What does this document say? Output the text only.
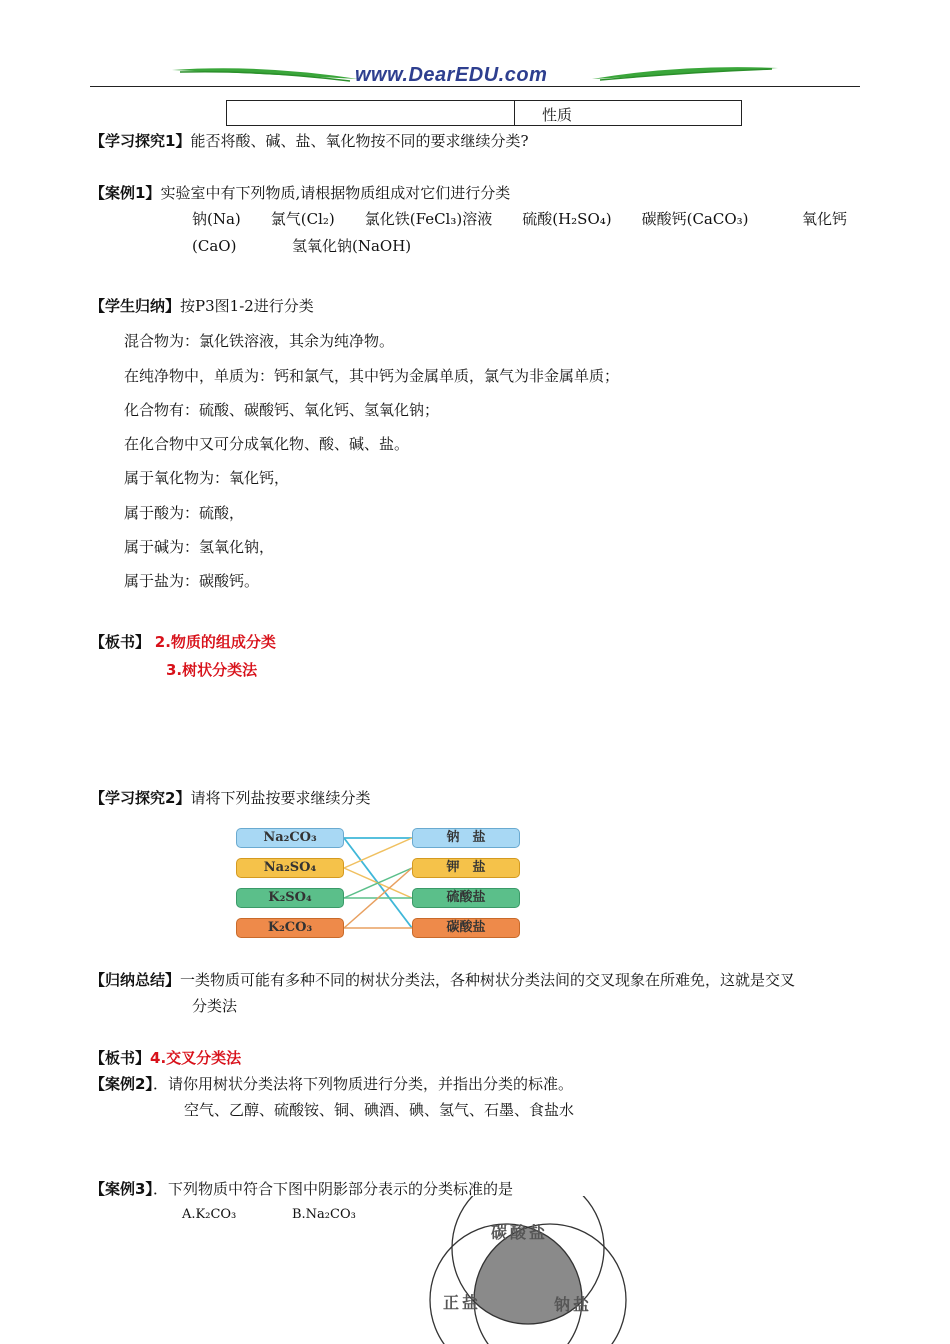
www.DearEDU.com
性质
【学习探究1】能否将酸、碱、盐、氧化物按不同的要求继续分类?
【案例1】实验室中有下列物质,请根据物质组成对它们进行分类
钠(Na)　　氯气(Cl₂)　　氯化铁(FeCl₃)溶液　　硫酸(H₂SO₄)　　碳酸钙(CaCO₃)	氧化钙
(CaO)	氢氧化钠(NaOH)
【学生归纳】按P3图1-2进行分类
混合物为：氯化铁溶液，其余为纯净物。
在纯净物中，单质为：钙和氯气，其中钙为金属单质，氯气为非金属单质；
化合物有：硫酸、碳酸钙、氧化钙、氢氧化钠；
在化合物中又可分成氧化物、酸、碱、盐。
属于氧化物为：氧化钙，
属于酸为：硫酸，
属于碱为：氢氧化钠，
属于盐为：碳酸钙。
【板书】 2.物质的组成分类
3.树状分类法
【学习探究2】请将下列盐按要求继续分类
Na₂CO₃
Na₂SO₄
K₂SO₄
K₂CO₃
钠　盐
钾　盐
硫酸盐
碳酸盐
【归纳总结】一类物质可能有多种不同的树状分类法，各种树状分类法间的交叉现象在所难免，这就是交叉
分类法
【板书】4.交叉分类法
【案例2】．请你用树状分类法将下列物质进行分类，并指出分类的标准。
空气、乙醇、硫酸铵、铜、碘酒、碘、氢气、石墨、食盐水
【案例3】．下列物质中符合下图中阴影部分表示的分类标准的是
A.K₂CO₃	B.Na₂CO₃
碳酸盐
正盐	钠盐
